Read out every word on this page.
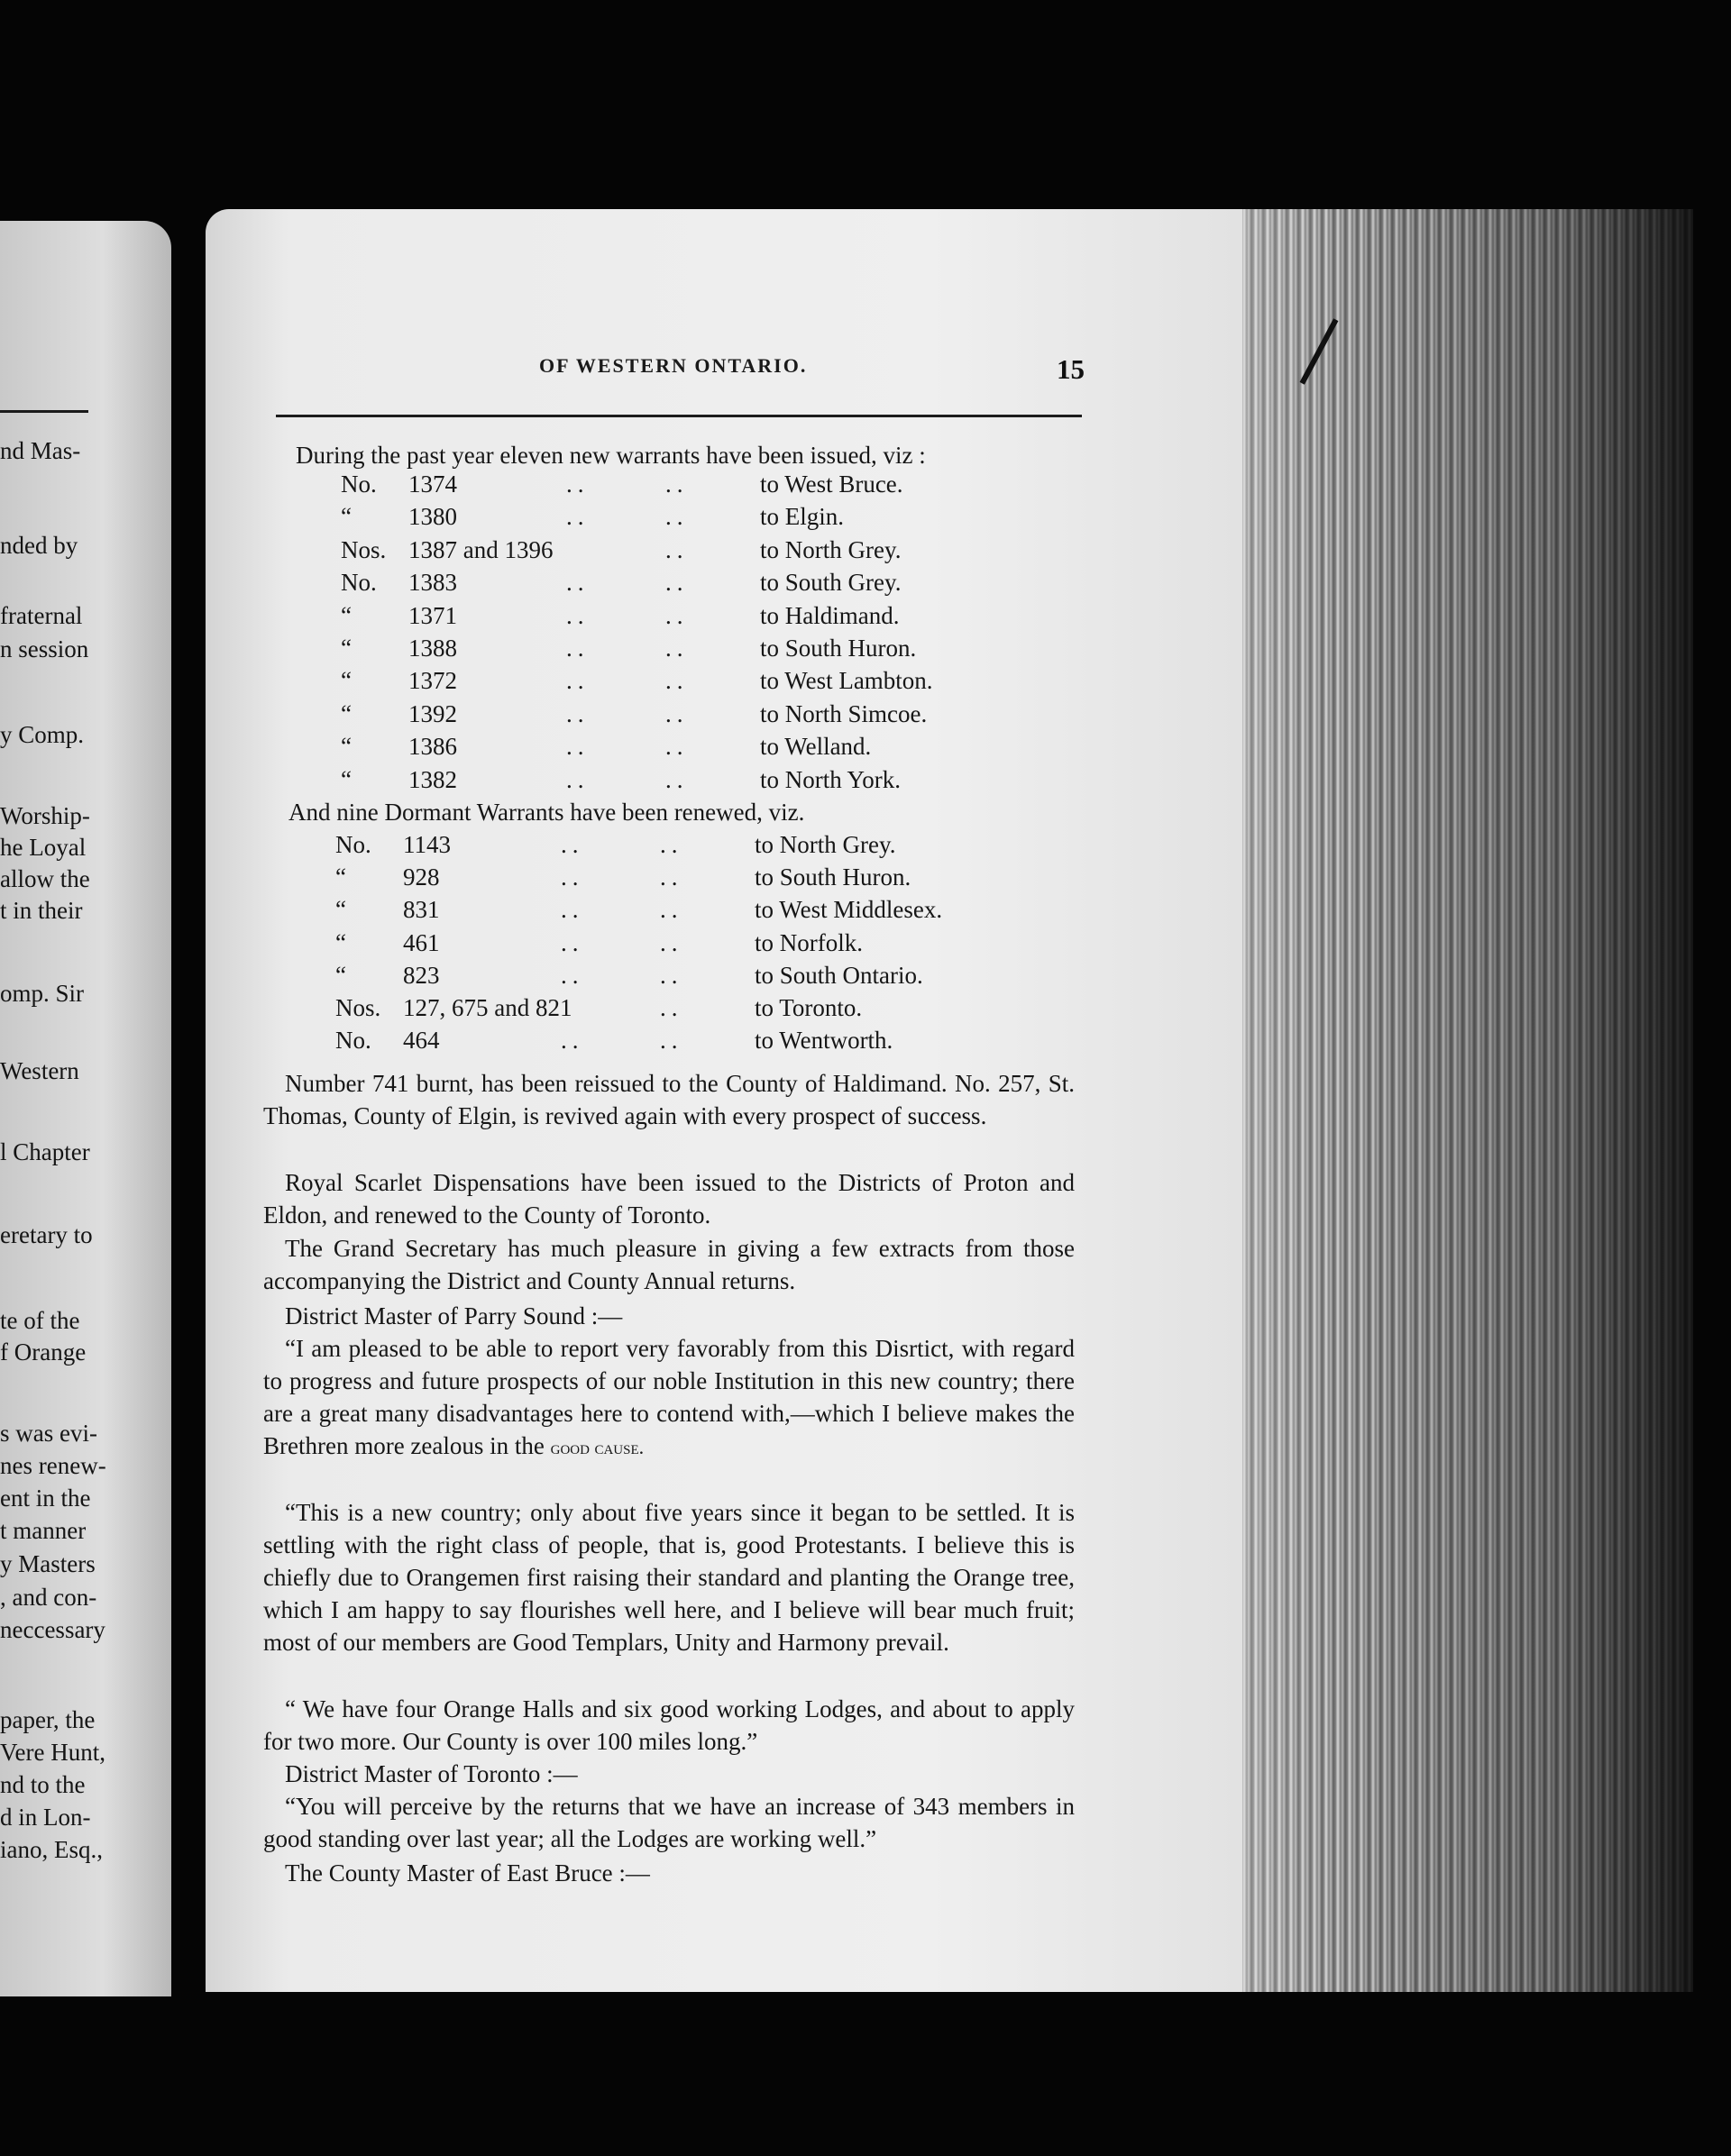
nd Mas-
nded by
fraternal
n session
y Comp.
Worship-
he Loyal
allow the
t in their
omp. Sir
Western
l Chapter
eretary to
te of the
f Orange
s was evi-
nes renew-
ent in the
t manner
y Masters
, and con-
neccessary
paper, the
Vere Hunt,
nd to the
d in Lon-
iano, Esq.,
OF WESTERN ONTARIO.	15
During the past year eleven new warrants have been issued, viz :
No. 1374	..	..	to West Bruce.
“ 1380	..	..	to Elgin.
Nos. 1387 and 1396	..	to North Grey.
No. 1383	..	..	to South Grey.
“ 1371	..	..	to Haldimand.
“ 1388	..	..	to South Huron.
“ 1372	..	..	to West Lambton.
“ 1392	..	..	to North Simcoe.
“ 1386	..	..	to Welland.
“ 1382	..	..	to North York.
And nine Dormant Warrants have been renewed, viz.
No. 1143	..	..	to North Grey.
“ 928	..	..	to South Huron.
“ 831	..	..	to West Middlesex.
“ 461	..	..	to Norfolk.
“ 823	..	..	to South Ontario.
Nos. 127, 675 and 821	..	to Toronto.
No. 464	..	..	to Wentworth.
Number 741 burnt, has been reissued to the County of Haldimand. No. 257, St. Thomas, County of Elgin, is revived again with every prospect of success.
Royal Scarlet Dispensations have been issued to the Districts of Proton and Eldon, and renewed to the County of Toronto.
The Grand Secretary has much pleasure in giving a few extracts from those accompanying the District and County Annual returns.
District Master of Parry Sound :—
“I am pleased to be able to report very favorably from this Disrtict, with regard to progress and future prospects of our noble Institution in this new country; there are a great many disadvantages here to contend with,—which I believe makes the Brethren more zealous in the good cause.
“This is a new country; only about five years since it began to be settled. It is settling with the right class of people, that is, good Protestants. I believe this is chiefly due to Orangemen first raising their standard and planting the Orange tree, which I am happy to say flourishes well here, and I believe will bear much fruit; most of our members are Good Templars, Unity and Harmony prevail.
“ We have four Orange Halls and six good working Lodges, and about to apply for two more. Our County is over 100 miles long.”
District Master of Toronto :—
“You will perceive by the returns that we have an increase of 343 members in good standing over last year; all the Lodges are working well.”
The County Master of East Bruce :—
